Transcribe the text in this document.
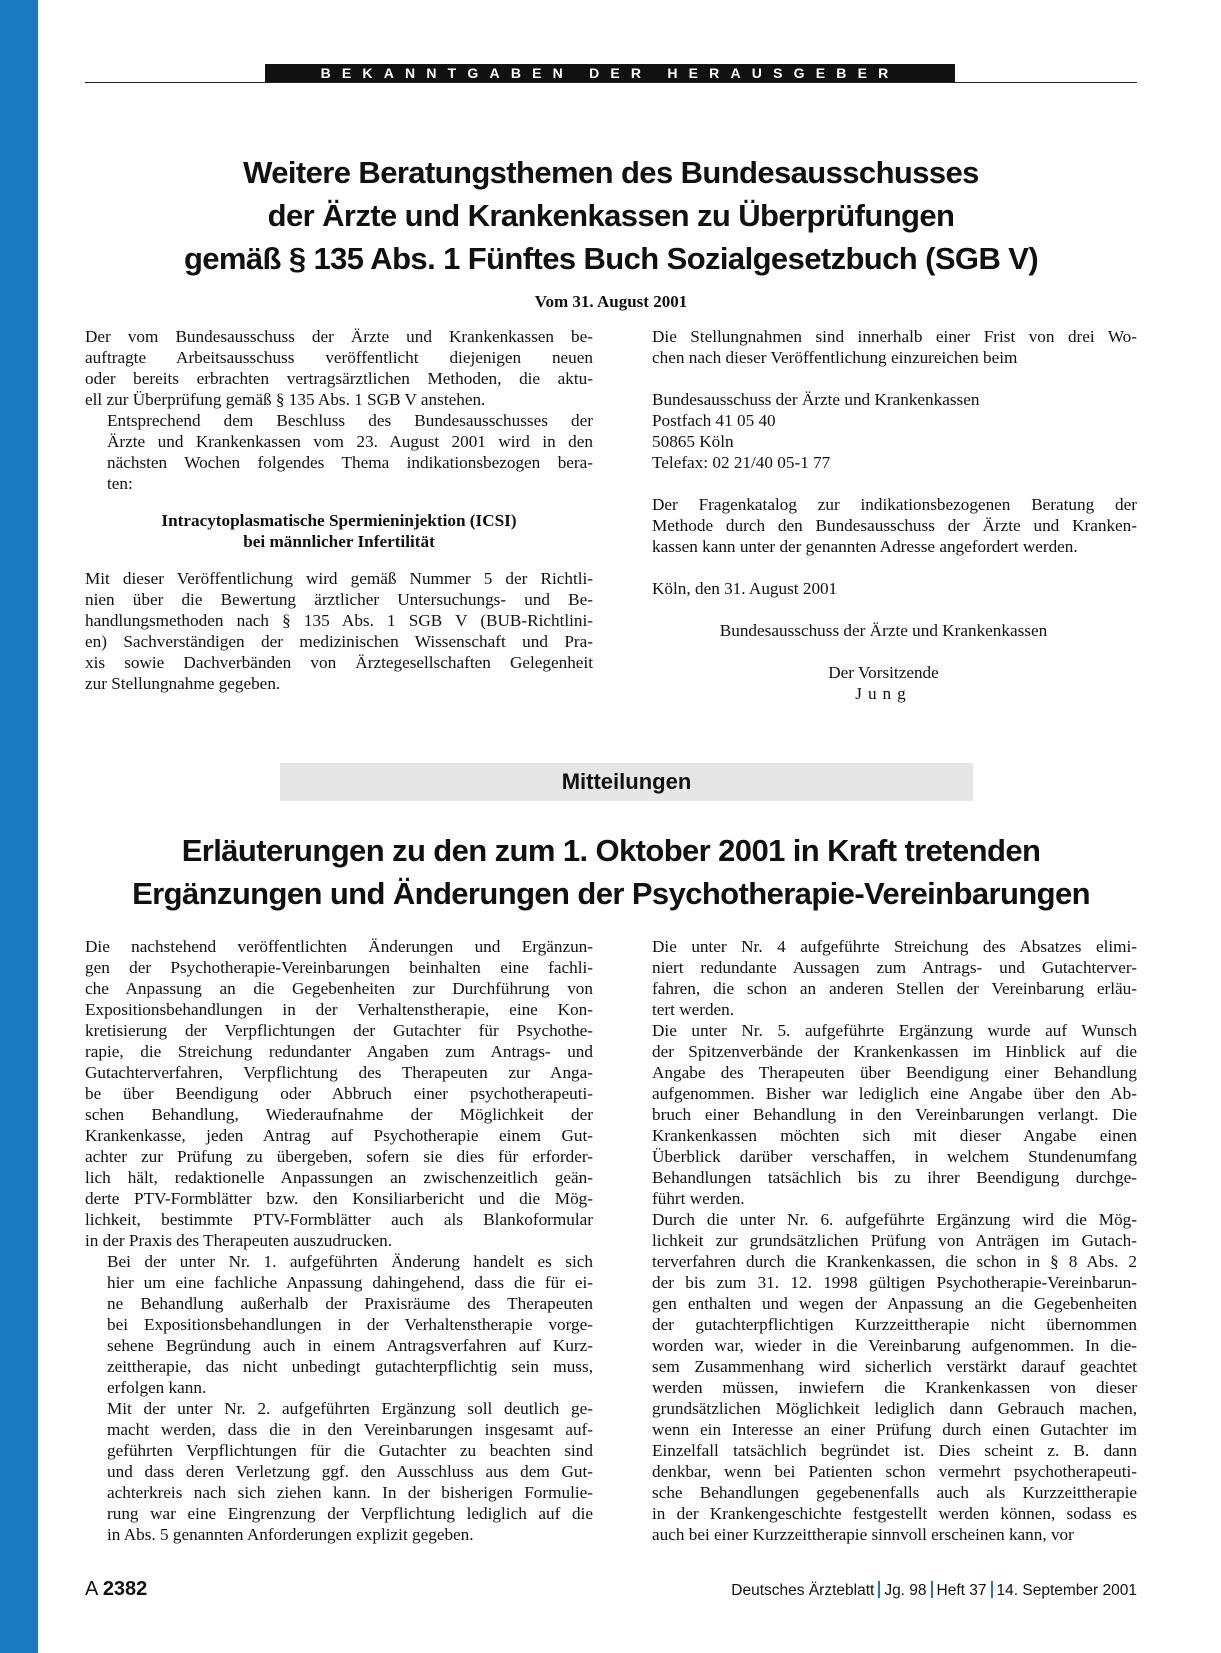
BEKANNTGABEN DER HERAUSGEBER
Weitere Beratungsthemen des Bundesausschusses
der Ärzte und Krankenkassen zu Überprüfungen
gemäß § 135 Abs. 1 Fünftes Buch Sozialgesetzbuch (SGB V)
Vom 31. August 2001

Der vom Bundesausschuss der Ärzte und Krankenkassen be-
auftragte Arbeitsausschuss veröffentlicht diejenigen neuen
oder bereits erbrachten vertragsärztlichen Methoden, die aktu-
ell zur Überprüfung gemäß § 135 Abs. 1 SGB V anstehen.

Entsprechend dem Beschluss des Bundesausschusses der
Ärzte und Krankenkassen vom 23. August 2001 wird in den
nächsten Wochen folgendes Thema indikationsbezogen bera-
ten:

Intracytoplasmatische Spermieninjektion (ICSI)
bei männlicher Infertilität

Mit dieser Veröffentlichung wird gemäß Nummer 5 der Richtli-
nien über die Bewertung ärztlicher Untersuchungs- und Be-
handlungsmethoden nach § 135 Abs. 1 SGB V (BUB-Richtlini-
en) Sachverständigen der medizinischen Wissenschaft und Pra-
xis sowie Dachverbänden von Ärztegesellschaften Gelegenheit
zur Stellungnahme gegeben.

Die Stellungnahmen sind innerhalb einer Frist von drei Wo-
chen nach dieser Veröffentlichung einzureichen beim

Bundesausschuss der Ärzte und Krankenkassen
Postfach 41 05 40
50865 Köln
Telefax: 02 21/40 05-1 77

Der Fragenkatalog zur indikationsbezogenen Beratung der
Methode durch den Bundesausschuss der Ärzte und Kranken-
kassen kann unter der genannten Adresse angefordert werden.

Köln, den 31. August 2001
Bundesausschuss der Ärzte und Krankenkassen
Der Vorsitzende
Jung
Mitteilungen
Erläuterungen zu den zum 1. Oktober 2001 in Kraft tretenden
Ergänzungen und Änderungen der Psychotherapie-Vereinbarungen

Die nachstehend veröffentlichten Änderungen und Ergänzun-
gen der Psychotherapie-Vereinbarungen beinhalten eine fachli-
che Anpassung an die Gegebenheiten zur Durchführung von
Expositionsbehandlungen in der Verhaltenstherapie, eine Kon-
kretisierung der Verpflichtungen der Gutachter für Psychothe-
rapie, die Streichung redundanter Angaben zum Antrags- und
Gutachterverfahren, Verpflichtung des Therapeuten zur Anga-
be über Beendigung oder Abbruch einer psychotherapeuti-
schen Behandlung, Wiederaufnahme der Möglichkeit der
Krankenkasse, jeden Antrag auf Psychotherapie einem Gut-
achter zur Prüfung zu übergeben, sofern sie dies für erforder-
lich hält, redaktionelle Anpassungen an zwischenzeitlich geän-
derte PTV-Formblätter bzw. den Konsiliarbericht und die Mög-
lichkeit, bestimmte PTV-Formblätter auch als Blankoformular
in der Praxis des Therapeuten auszudrucken.

Bei der unter Nr. 1. aufgeführten Änderung handelt es sich
hier um eine fachliche Anpassung dahingehend, dass die für ei-
ne Behandlung außerhalb der Praxisräume des Therapeuten
bei Expositionsbehandlungen in der Verhaltenstherapie vorge-
sehene Begründung auch in einem Antragsverfahren auf Kurz-
zeittherapie, das nicht unbedingt gutachterpflichtig sein muss,
erfolgen kann.

Mit der unter Nr. 2. aufgeführten Ergänzung soll deutlich ge-
macht werden, dass die in den Vereinbarungen insgesamt auf-
geführten Verpflichtungen für die Gutachter zu beachten sind
und dass deren Verletzung ggf. den Ausschluss aus dem Gut-
achterkreis nach sich ziehen kann. In der bisherigen Formulie-
rung war eine Eingrenzung der Verpflichtung lediglich auf die
in Abs. 5 genannten Anforderungen explizit gegeben.

Die unter Nr. 4 aufgeführte Streichung des Absatzes elimi-
niert redundante Aussagen zum Antrags- und Gutachterver-
fahren, die schon an anderen Stellen der Vereinbarung erläu-
tert werden.

Die unter Nr. 5. aufgeführte Ergänzung wurde auf Wunsch
der Spitzenverbände der Krankenkassen im Hinblick auf die
Angabe des Therapeuten über Beendigung einer Behandlung
aufgenommen. Bisher war lediglich eine Angabe über den Ab-
bruch einer Behandlung in den Vereinbarungen verlangt. Die
Krankenkassen möchten sich mit dieser Angabe einen
Überblick darüber verschaffen, in welchem Stundenumfang
Behandlungen tatsächlich bis zu ihrer Beendigung durchge-
führt werden.

Durch die unter Nr. 6. aufgeführte Ergänzung wird die Mög-
lichkeit zur grundsätzlichen Prüfung von Anträgen im Gutach-
terverfahren durch die Krankenkassen, die schon in § 8 Abs. 2
der bis zum 31. 12. 1998 gültigen Psychotherapie-Vereinbarun-
gen enthalten und wegen der Anpassung an die Gegebenheiten
der gutachterpflichtigen Kurzzeittherapie nicht übernommen
worden war, wieder in die Vereinbarung aufgenommen. In die-
sem Zusammenhang wird sicherlich verstärkt darauf geachtet
werden müssen, inwiefern die Krankenkassen von dieser
grundsätzlichen Möglichkeit lediglich dann Gebrauch machen,
wenn ein Interesse an einer Prüfung durch einen Gutachter im
Einzelfall tatsächlich begründet ist. Dies scheint z. B. dann
denkbar, wenn bei Patienten schon vermehrt psychotherapeuti-
sche Behandlungen gegebenenfalls auch als Kurzzeittherapie
in der Krankengeschichte festgestellt werden können, sodass es
auch bei einer Kurzzeittherapie sinnvoll erscheinen kann, vor

A 2382	Deutsches Ärzteblatt Jg. 98 Heft 37 14. September 2001
